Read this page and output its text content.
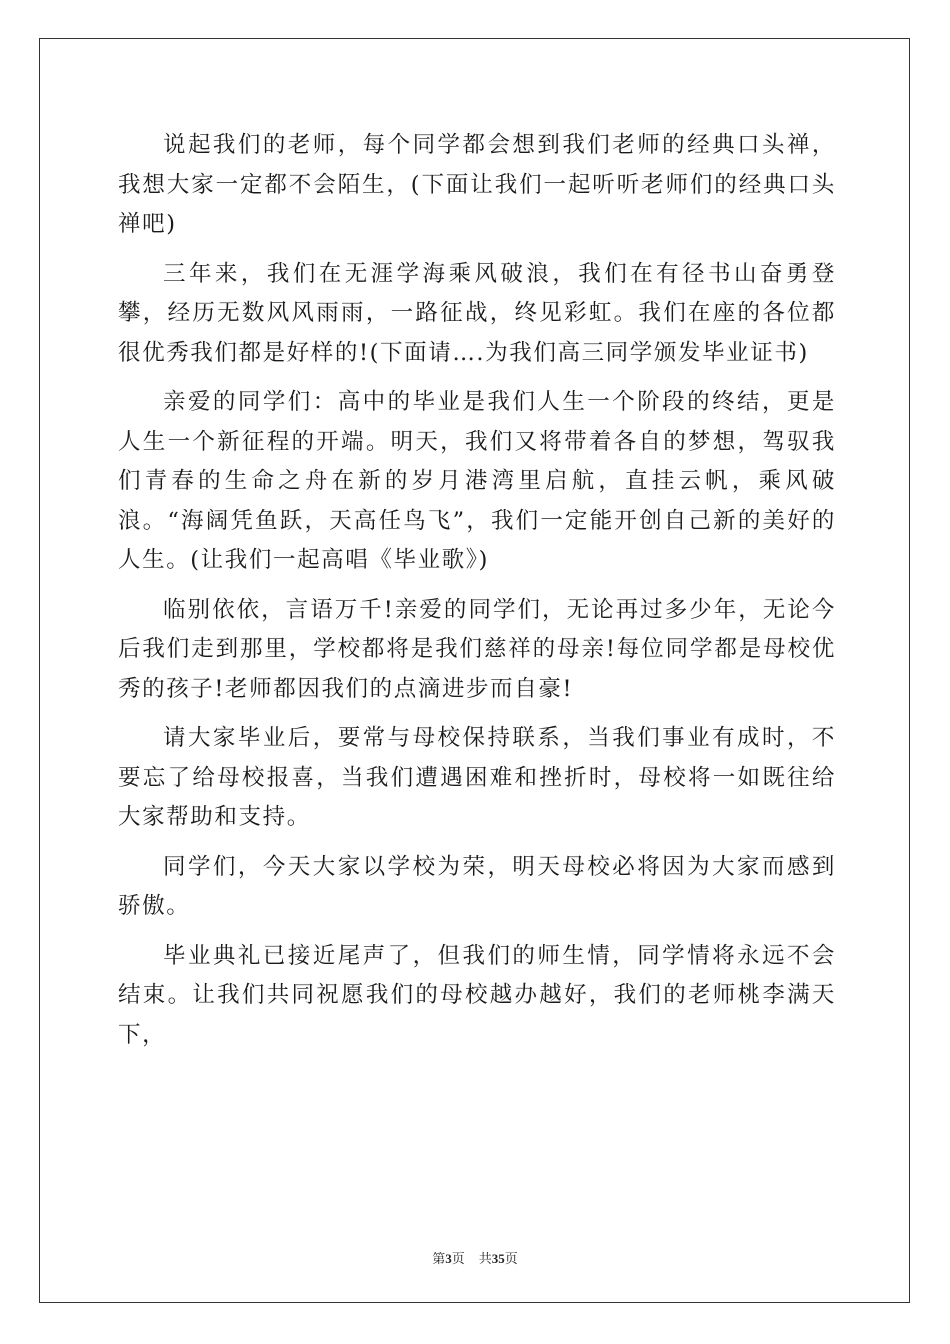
说起我们的老师，每个同学都会想到我们老师的经典口头禅，我想大家一定都不会陌生，(下面让我们一起听听老师们的经典口头禅吧)

三年来，我们在无涯学海乘风破浪，我们在有径书山奋勇登攀，经历无数风风雨雨，一路征战，终见彩虹。我们在座的各位都很优秀我们都是好样的!(下面请….为我们高三同学颁发毕业证书)

亲爱的同学们：高中的毕业是我们人生一个阶段的终结，更是人生一个新征程的开端。明天，我们又将带着各自的梦想，驾驭我们青春的生命之舟在新的岁月港湾里启航，直挂云帆，乘风破浪。“海阔凭鱼跃，天高任鸟飞”，我们一定能开创自己新的美好的人生。(让我们一起高唱《毕业歌》)

临别依依，言语万千!亲爱的同学们，无论再过多少年，无论今后我们走到那里，学校都将是我们慈祥的母亲!每位同学都是母校优秀的孩子!老师都因我们的点滴进步而自豪!

请大家毕业后，要常与母校保持联系，当我们事业有成时，不要忘了给母校报喜，当我们遭遇困难和挫折时，母校将一如既往给大家帮助和支持。

同学们，今天大家以学校为荣，明天母校必将因为大家而感到骄傲。

毕业典礼已接近尾声了，但我们的师生情，同学情将永远不会结束。让我们共同祝愿我们的母校越办越好，我们的老师桃李满天下，

第3页 共35页
